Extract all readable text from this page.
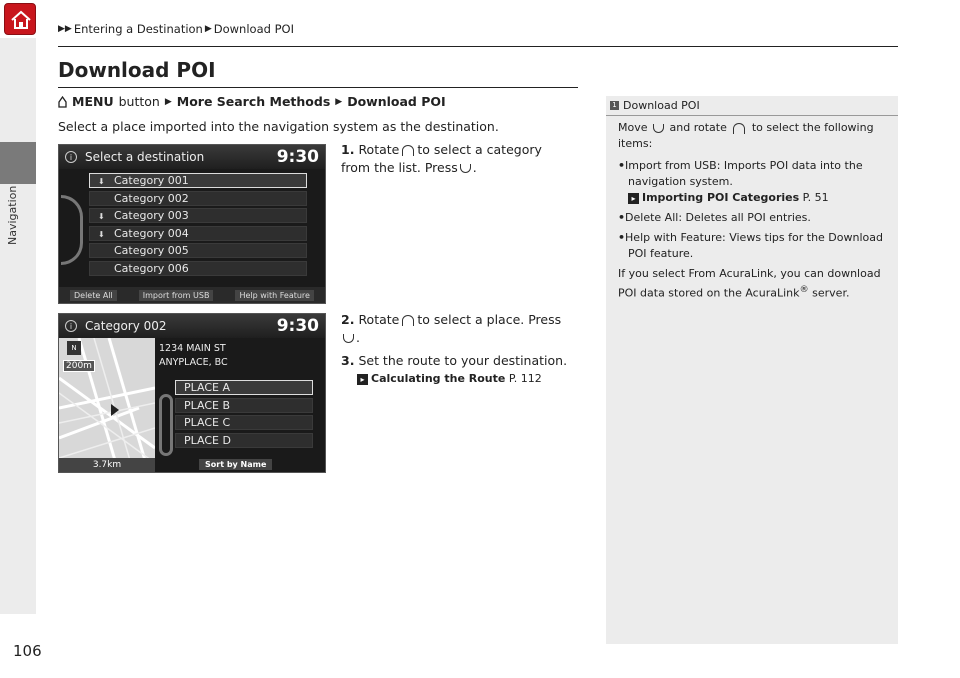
Navigation
106
▶▶ Entering a Destination ▶ Download POI
Download POI
MENU button ▶ More Search Methods ▶ Download POI
Select a place imported into the navigation system as the destination.
i	Select a destination	9:30
⬇ Category 001
Category 002
⬇ Category 003
⬇ Category 004
Category 005
Category 006
Delete All	Import from USB	Help with Feature
i	Category 002	9:30
N
200m
1234 MAIN ST
ANYPLACE, BC
PLACE A
PLACE B
PLACE C
PLACE D
3.7km	Sort by Name
1. Rotate to select a category from the list. Press .
2. Rotate to select a place. Press.
3. Set the route to your destination.
▸ Calculating the Route P. 112
1 Download POI

Move and rotate to select the following items:

•Import from USB: Imports POI data into the navigation system.
▸ Importing POI Categories P. 51
•Delete All: Deletes all POI entries.
•Help with Feature: Views tips for the Download POI feature.

If you select From AcuraLink, you can download POI data stored on the AcuraLink® server.
